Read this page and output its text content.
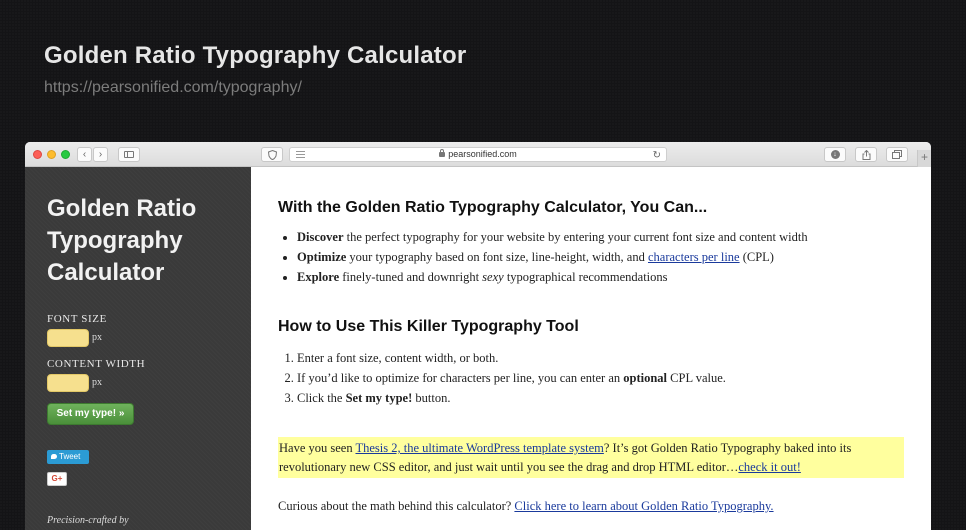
Golden Ratio Typography Calculator
https://pearsonified.com/typography/
‹ ›	pearsonified.com	↻	↓	+
Golden Ratio Typography Calculator
FONT SIZE
px
CONTENT WIDTH
px
Set my type! »
Tweet
G+
Precision-crafted by
With the Golden Ratio Typography Calculator, You Can...
• Discover the perfect typography for your website by entering your current font size and content width
• Optimize your typography based on font size, line-height, width, and characters per line (CPL)
• Explore finely-tuned and downright sexy typographical recommendations
How to Use This Killer Typography Tool
1. Enter a font size, content width, or both.
2. If you’d like to optimize for characters per line, you can enter an optional CPL value.
3. Click the Set my type! button.
Have you seen Thesis 2, the ultimate WordPress template system? It’s got Golden Ratio Typography baked into its revolutionary new CSS editor, and just wait until you see the drag and drop HTML editor…check it out!
Curious about the math behind this calculator? Click here to learn about Golden Ratio Typography.
